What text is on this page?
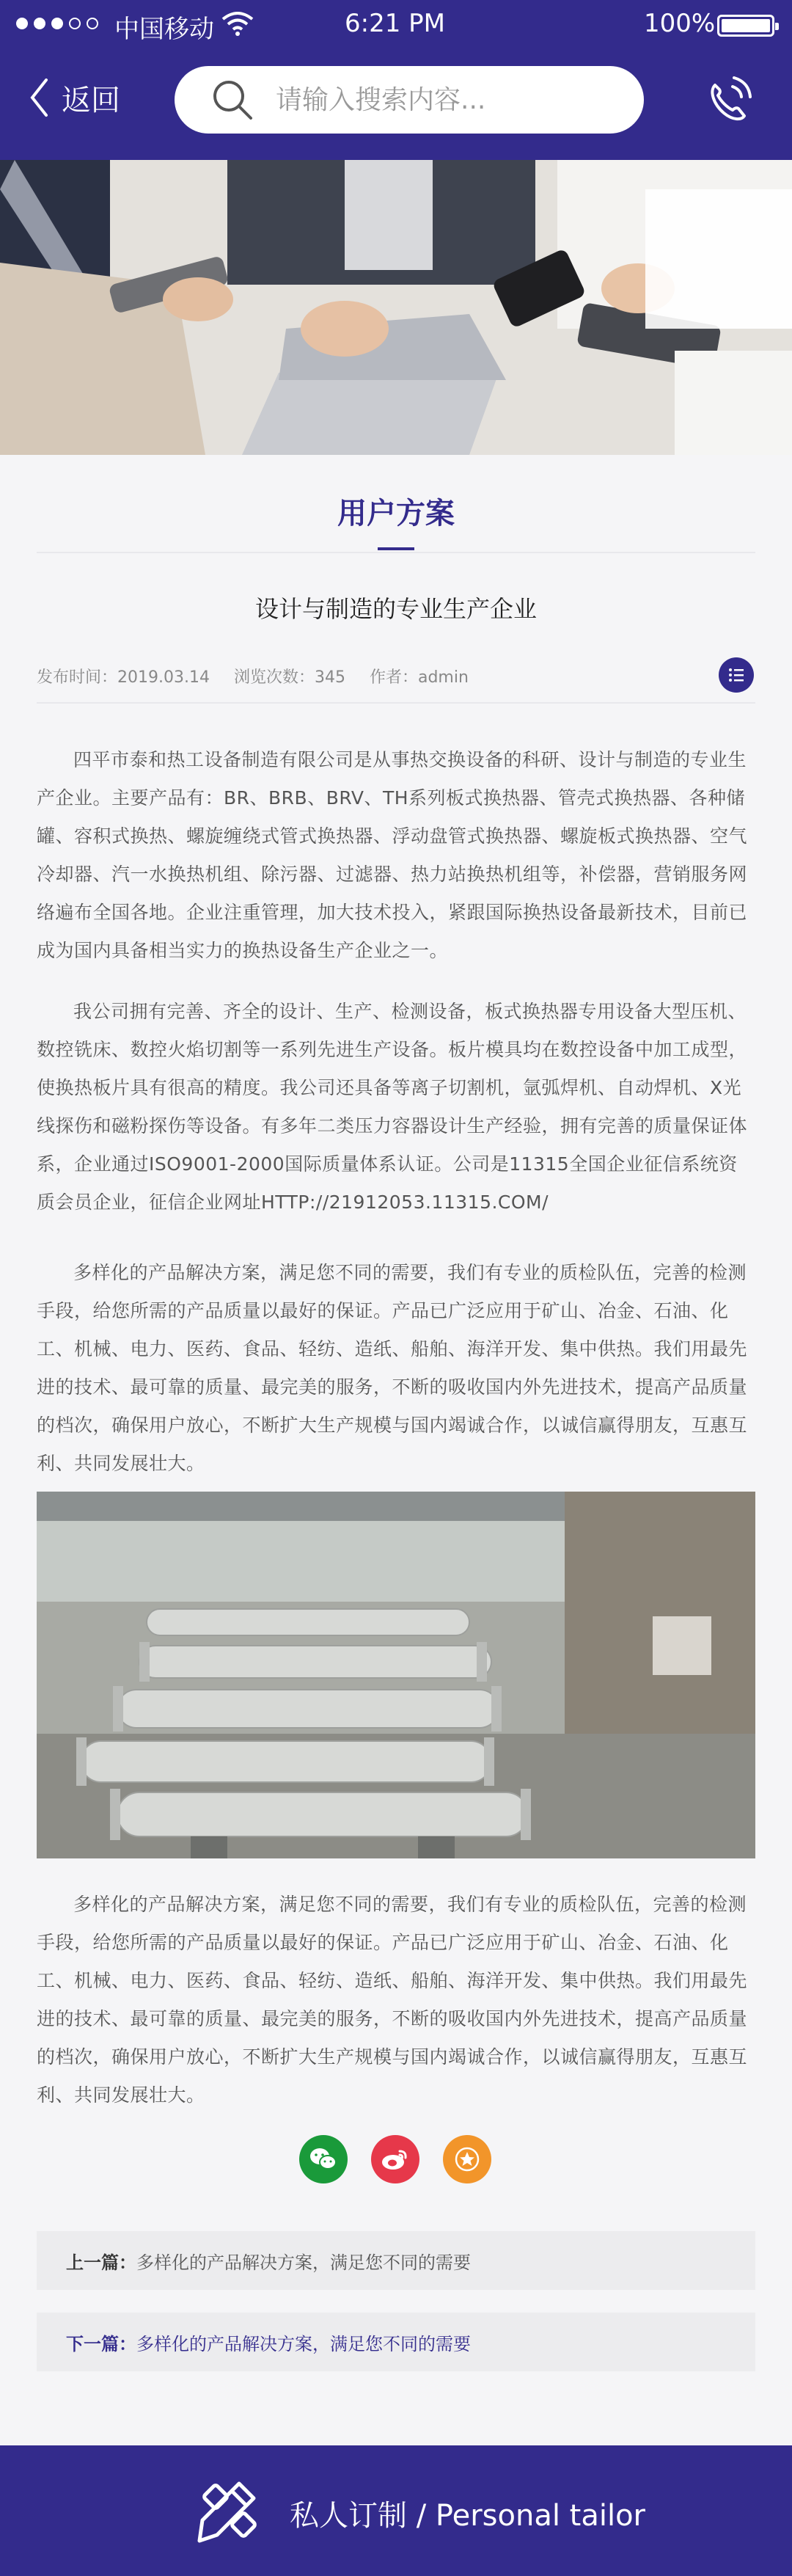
中国移动	6:21 PM	100%
返回
请输入搜索内容...
用户方案
设计与制造的专业生产企业
发布时间：2019.03.14 浏览次数：345 作者：admin

四平市泰和热工设备制造有限公司是从事热交换设备的科研、设计与制造的专业生产企业。主要产品有：BR、BRB、BRV、TH系列板式换热器、管壳式换热器、各种储罐、容积式换热、螺旋缠绕式管式换热器、浮动盘管式换热器、螺旋板式换热器、空气冷却器、汽一水换热机组、除污器、过滤器、热力站换热机组等，补偿器，营销服务网络遍布全国各地。企业注重管理，加大技术投入，紧跟国际换热设备最新技术，目前已成为国内具备相当实力的换热设备生产企业之一。

我公司拥有完善、齐全的设计、生产、检测设备，板式换热器专用设备大型压机、数控铣床、数控火焰切割等一系列先进生产设备。板片模具均在数控设备中加工成型，使换热板片具有很高的精度。我公司还具备等离子切割机，氩弧焊机、自动焊机、X光线探伤和磁粉探伤等设备。有多年二类压力容器设计生产经验，拥有完善的质量保证体系，企业通过ISO9001-2000国际质量体系认证。公司是11315全国企业征信系统资质会员企业，征信企业网址HTTP://21912053.11315.COM/

多样化的产品解决方案，满足您不同的需要，我们有专业的质检队伍，完善的检测手段，给您所需的产品质量以最好的保证。产品已广泛应用于矿山、冶金、石油、化工、机械、电力、医药、食品、轻纺、造纸、船舶、海洋开发、集中供热。我们用最先进的技术、最可靠的质量、最完美的服务，不断的吸收国内外先进技术，提高产品质量的档次，确保用户放心，不断扩大生产规模与国内竭诚合作，以诚信赢得朋友，互惠互利、共同发展壮大。

多样化的产品解决方案，满足您不同的需要，我们有专业的质检队伍，完善的检测手段，给您所需的产品质量以最好的保证。产品已广泛应用于矿山、冶金、石油、化工、机械、电力、医药、食品、轻纺、造纸、船舶、海洋开发、集中供热。我们用最先进的技术、最可靠的质量、最完美的服务，不断的吸收国内外先进技术，提高产品质量的档次，确保用户放心，不断扩大生产规模与国内竭诚合作，以诚信赢得朋友，互惠互利、共同发展壮大。

上一篇： 多样化的产品解决方案，满足您不同的需要
下一篇： 多样化的产品解决方案，满足您不同的需要
私人订制 / Personal tailor
